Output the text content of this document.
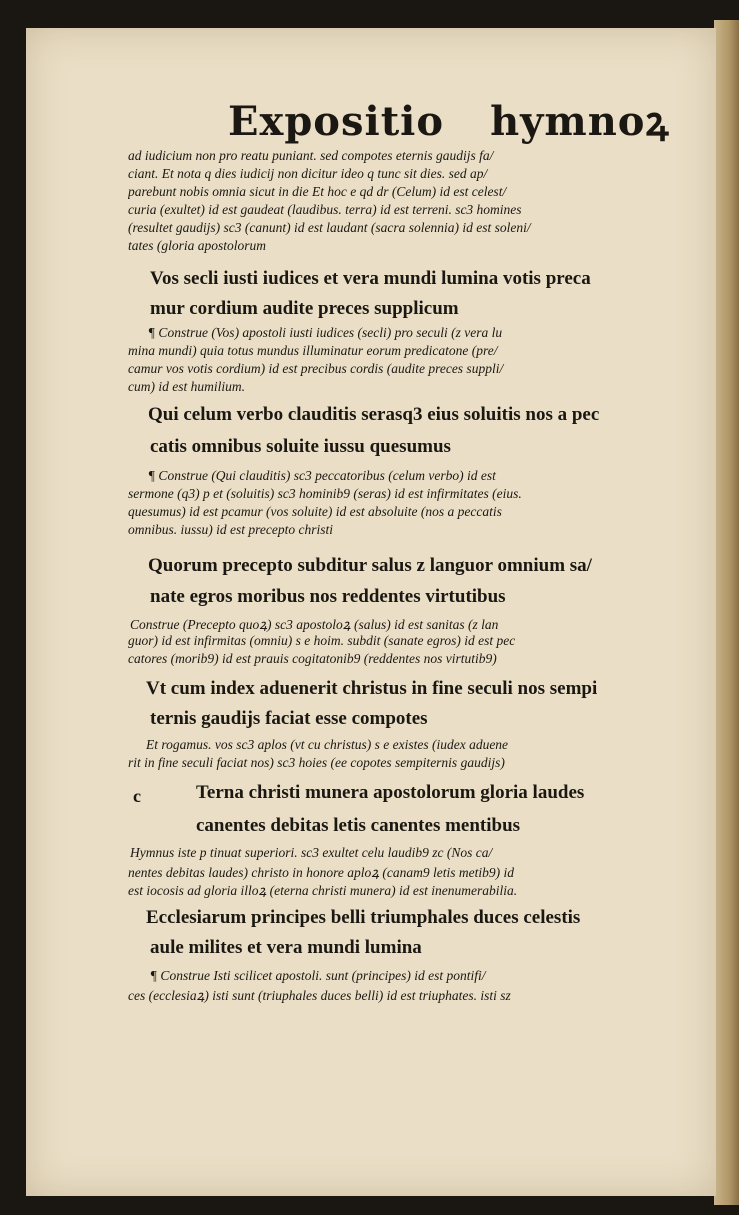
Expositio hymnoꝝ
c
ad iudicium non pro reatu puniant. sed compotes eternis gaudijs fa/
ciant. Et nota q dies iudicij non dicitur ideo q tunc sit dies. sed ap/
parebunt nobis omnia sicut in die Et hoc e qd dr (Celum) id est celest/
curia (exultet) id est gaudeat (laudibus. terra) id est terreni. sc3 homines
(resultet gaudijs) sc3 (canunt) id est laudant (sacra solennia) id est soleni/
tates (gloria apostolorum
Vos secli iusti iudices et vera mundi lumina votis preca
mur cordium audite preces supplicum
¶ Construe (Vos) apostoli iusti iudices (secli) pro seculi (z vera lu
mina mundi) quia totus mundus illuminatur eorum predicatone (pre/
camur vos votis cordium) id est precibus cordis (audite preces suppli/
cum) id est humilium.
Qui celum verbo clauditis serasq3 eius soluitis nos a pec
catis omnibus soluite iussu quesumus
¶ Construe (Qui clauditis) sc3 peccatoribus (celum verbo) id est
sermone (q3) p et (soluitis) sc3 hominib9 (seras) id est infirmitates (eius.
quesumus) id est pcamur (vos soluite) id est absoluite (nos a peccatis
omnibus. iussu) id est precepto christi
Quorum precepto subditur salus z languor omnium sa/
nate egros moribus nos reddentes virtutibus
Construe (Precepto quoꝝ) sc3 apostoloꝝ (salus) id est sanitas (z lan
guor) id est infirmitas (omniu) s e hoim. subdit (sanate egros) id est pec
catores (morib9) id est prauis cogitatonib9 (reddentes nos virtutib9)
Vt cum index aduenerit christus in fine seculi nos sempi
ternis gaudijs faciat esse compotes
Et rogamus. vos sc3 aplos (vt cu christus) s e existes (iudex aduene
rit in fine seculi faciat nos) sc3 hoies (ee copotes sempiternis gaudijs)
Terna christi munera apostolorum gloria laudes
canentes debitas letis canentes mentibus
Hymnus iste p tinuat superiori. sc3 exultet celu laudib9 zc (Nos ca/
nentes debitas laudes) christo in honore aploꝝ (canam9 letis metib9) id
est iocosis ad gloria illoꝝ (eterna christi munera) id est inenumerabilia.
Ecclesiarum principes belli triumphales duces celestis
aule milites et vera mundi lumina
¶ Construe Isti scilicet apostoli. sunt (principes) id est pontifi/
ces (ecclesiaꝝ) isti sunt (triuphales duces belli) id est triuphates. isti sz
